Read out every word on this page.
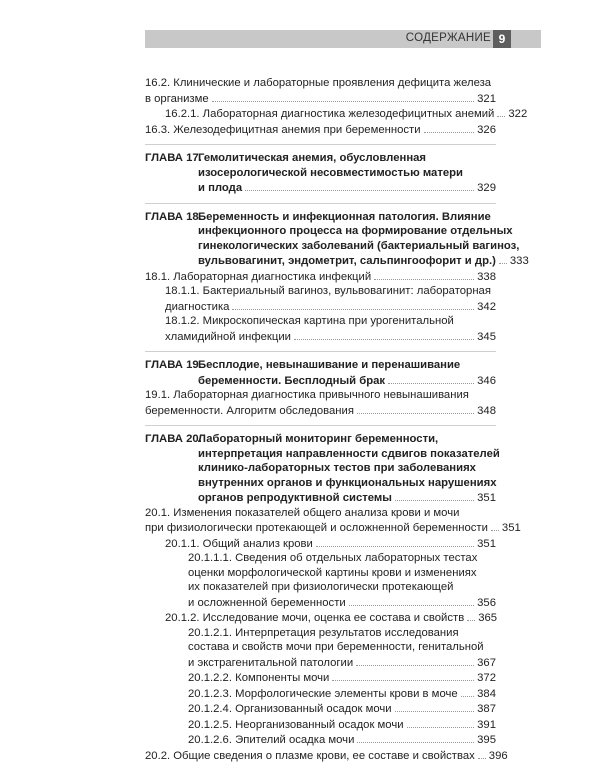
СОДЕРЖАНИЕ 9
16.2. Клинические и лабораторные проявления дефицита железа
в организме	321
16.2.1. Лабораторная диагностика железодефицитных анемий 322
16.3. Железодефицитная анемия при беременности	326
ГЛАВА 17.
Гемолитическая анемия, обусловленная
изосерологической несовместимостью матери
и плода	329
ГЛАВА 18.
Беременность и инфекционная патология. Влияние
инфекционного процесса на формирование отдельных
гинекологических заболеваний (бактериальный вагиноз,
вульвовагинит, эндометрит, сальпингоофорит и др.) 333
18.1. Лабораторная диагностика инфекций	338
18.1.1. Бактериальный вагиноз, вульвовагинит: лабораторная
диагностика	342
18.1.2. Микроскопическая картина при урогенитальной
хламидийной инфекции	345
ГЛАВА 19.
Бесплодие, невынашивание и перенашивание
беременности. Бесплодный брак	346
19.1. Лабораторная диагностика привычного невынашивания
беременности. Алгоритм обследования	348
ГЛАВА 20.
Лабораторный мониторинг беременности,
интерпретация направленности сдвигов показателей
клинико-лабораторных тестов при заболеваниях
внутренних органов и функциональных нарушениях
органов репродуктивной системы	351
20.1. Изменения показателей общего анализа крови и мочи
при физиологически протекающей и осложненной беременности 351
20.1.1. Общий анализ крови	351
20.1.1.1. Сведения об отдельных лабораторных тестах
оценки морфологической картины крови и изменениях
их показателей при физиологически протекающей
и осложненной беременности	356
20.1.2. Исследование мочи, оценка ее состава и свойств 365
20.1.2.1. Интерпретация результатов исследования
состава и свойств мочи при беременности, генитальной
и экстрагенитальной патологии	367
20.1.2.2. Компоненты мочи	372
20.1.2.3. Морфологические элементы крови в моче 384
20.1.2.4. Организованный осадок мочи	387
20.1.2.5. Неорганизованный осадок мочи	391
20.1.2.6. Эпителий осадка мочи	395
20.2. Общие сведения о плазме крови, ее составе и свойствах 396
